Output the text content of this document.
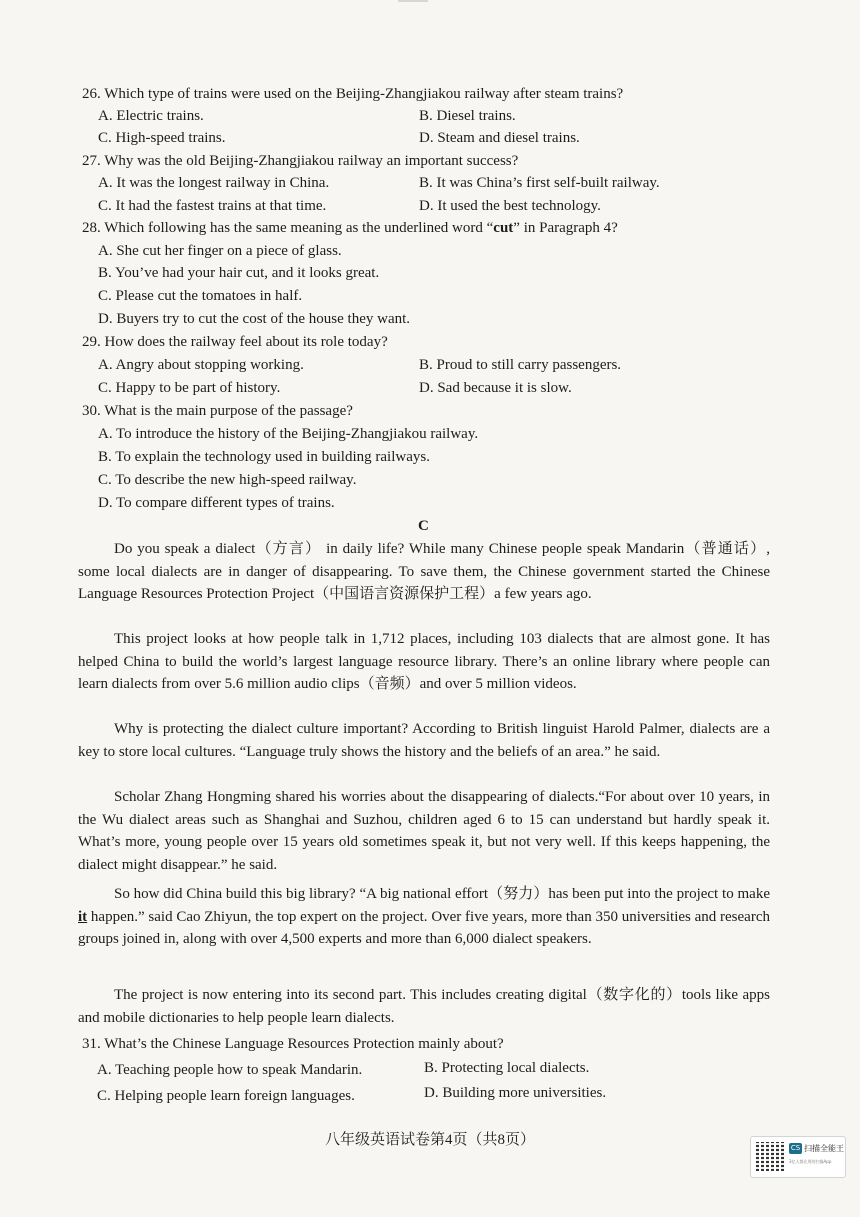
26. Which type of trains were used on the Beijing-Zhangjiakou railway after steam trains?
A. Electric trains.	B. Diesel trains.
C. High-speed trains.	D. Steam and diesel trains.
27. Why was the old Beijing-Zhangjiakou railway an important success?
A. It was the longest railway in China.	B. It was China’s first self-built railway.
C. It had the fastest trains at that time.	D. It used the best technology.
28. Which following has the same meaning as the underlined word “cut” in Paragraph 4?
A. She cut her finger on a piece of glass.
B. You’ve had your hair cut, and it looks great.
C. Please cut the tomatoes in half.
D. Buyers try to cut the cost of the house they want.
29. How does the railway feel about its role today?
A. Angry about stopping working.	B. Proud to still carry passengers.
C. Happy to be part of history.	D. Sad because it is slow.
30. What is the main purpose of the passage?
A. To introduce the history of the Beijing-Zhangjiakou railway.
B. To explain the technology used in building railways.
C. To describe the new high-speed railway.
D. To compare different types of trains.
C

Do you speak a dialect（方言） in daily life? While many Chinese people speak Mandarin（普通话）, some local dialects are in danger of disappearing. To save them, the Chinese government started the Chinese Language Resources Protection Project（中国语言资源保护工程）a few years ago.

This project looks at how people talk in 1,712 places, including 103 dialects that are almost gone. It has helped China to build the world’s largest language resource library. There’s an online library where people can learn dialects from over 5.6 million audio clips（音频）and over 5 million videos.

Why is protecting the dialect culture important? According to British linguist Harold Palmer, dialects are a key to store local cultures. “Language truly shows the history and the beliefs of an area.” he said.

Scholar Zhang Hongming shared his worries about the disappearing of dialects.“For about over 10 years, in the Wu dialect areas such as Shanghai and Suzhou, children aged 6 to 15 can understand but hardly speak it. What’s more, young people over 15 years old sometimes speak it, but not very well. If this keeps happening, the dialect might disappear.” he said.

So how did China build this big library? “A big national effort（努力）has been put into the project to make it happen.” said Cao Zhiyun, the top expert on the project. Over five years, more than 350 universities and research groups joined in, along with over 4,500 experts and more than 6,000 dialect speakers.

The project is now entering into its second part. This includes creating digital（数字化的）tools like apps and mobile dictionaries to help people learn dialects.

31. What’s the Chinese Language Resources Protection mainly about?
A. Teaching people how to speak Mandarin.	B. Protecting local dialects.
C. Helping people learn foreign languages.	D. Building more universities.
八年级英语试卷第4页（共8页）	CS 扫描全能王
3亿人都在用的扫描App
